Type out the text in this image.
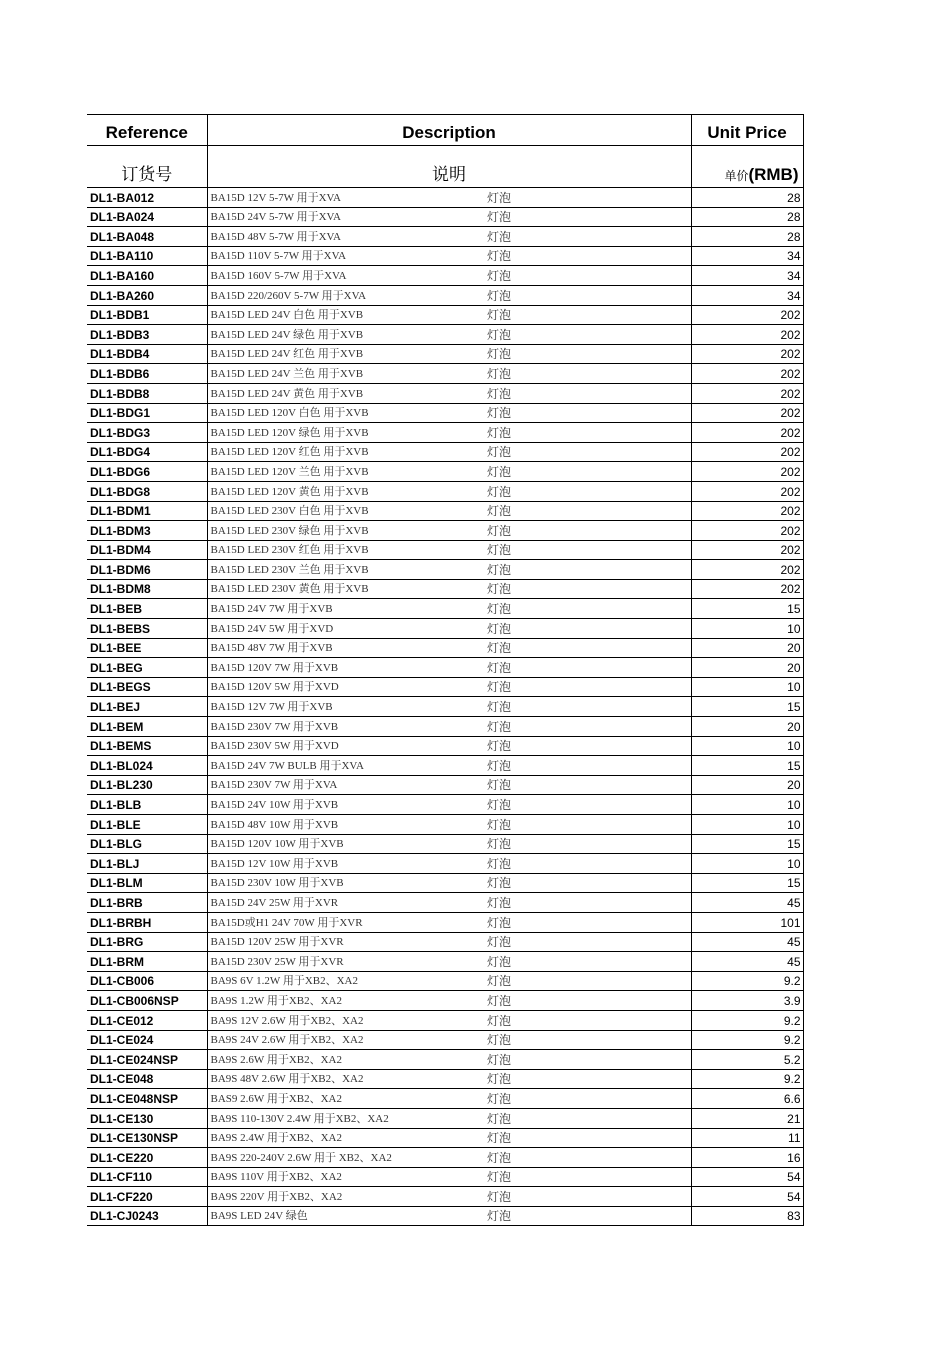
Reference	Description		Unit Price
订货号	说明		单价(RMB)
DL1-BA012	BA15D 12V 5-7W 用于XVA	灯泡	28
DL1-BA024	BA15D 24V 5-7W 用于XVA	灯泡	28
DL1-BA048	BA15D 48V 5-7W 用于XVA	灯泡	28
DL1-BA110	BA15D 110V 5-7W 用于XVA	灯泡	34
DL1-BA160	BA15D 160V 5-7W 用于XVA	灯泡	34
DL1-BA260	BA15D 220/260V 5-7W 用于XVA	灯泡	34
DL1-BDB1	BA15D LED 24V 白色 用于XVB	灯泡	202
DL1-BDB3	BA15D LED 24V 绿色 用于XVB	灯泡	202
DL1-BDB4	BA15D LED 24V 红色 用于XVB	灯泡	202
DL1-BDB6	BA15D LED 24V 兰色 用于XVB	灯泡	202
DL1-BDB8	BA15D LED 24V 黄色 用于XVB	灯泡	202
DL1-BDG1	BA15D LED 120V 白色 用于XVB	灯泡	202
DL1-BDG3	BA15D LED 120V 绿色 用于XVB	灯泡	202
DL1-BDG4	BA15D LED 120V 红色 用于XVB	灯泡	202
DL1-BDG6	BA15D LED 120V 兰色 用于XVB	灯泡	202
DL1-BDG8	BA15D LED 120V 黄色 用于XVB	灯泡	202
DL1-BDM1	BA15D LED 230V 白色 用于XVB	灯泡	202
DL1-BDM3	BA15D LED 230V 绿色 用于XVB	灯泡	202
DL1-BDM4	BA15D LED 230V 红色 用于XVB	灯泡	202
DL1-BDM6	BA15D LED 230V 兰色 用于XVB	灯泡	202
DL1-BDM8	BA15D LED 230V 黄色 用于XVB	灯泡	202
DL1-BEB	BA15D 24V 7W 用于XVB	灯泡	15
DL1-BEBS	BA15D 24V 5W 用于XVD	灯泡	10
DL1-BEE	BA15D 48V 7W 用于XVB	灯泡	20
DL1-BEG	BA15D 120V 7W 用于XVB	灯泡	20
DL1-BEGS	BA15D 120V 5W 用于XVD	灯泡	10
DL1-BEJ	BA15D 12V 7W 用于XVB	灯泡	15
DL1-BEM	BA15D 230V 7W 用于XVB	灯泡	20
DL1-BEMS	BA15D 230V 5W 用于XVD	灯泡	10
DL1-BL024	BA15D 24V 7W BULB 用于XVA	灯泡	15
DL1-BL230	BA15D 230V 7W 用于XVA	灯泡	20
DL1-BLB	BA15D 24V 10W 用于XVB	灯泡	10
DL1-BLE	BA15D 48V 10W 用于XVB	灯泡	10
DL1-BLG	BA15D 120V 10W 用于XVB	灯泡	15
DL1-BLJ	BA15D 12V 10W 用于XVB	灯泡	10
DL1-BLM	BA15D 230V 10W 用于XVB	灯泡	15
DL1-BRB	BA15D 24V 25W 用于XVR	灯泡	45
DL1-BRBH	BA15D或H1 24V 70W 用于XVR	灯泡	101
DL1-BRG	BA15D 120V 25W 用于XVR	灯泡	45
DL1-BRM	BA15D 230V 25W 用于XVR	灯泡	45
DL1-CB006	BA9S 6V 1.2W 用于XB2、XA2	灯泡	9.2
DL1-CB006NSP	BA9S 1.2W 用于XB2、XA2	灯泡	3.9
DL1-CE012	BA9S 12V 2.6W 用于XB2、XA2	灯泡	9.2
DL1-CE024	BA9S 24V 2.6W 用于XB2、XA2	灯泡	9.2
DL1-CE024NSP	BA9S 2.6W 用于XB2、XA2	灯泡	5.2
DL1-CE048	BA9S 48V 2.6W 用于XB2、XA2	灯泡	9.2
DL1-CE048NSP	BAS9 2.6W 用于XB2、XA2	灯泡	6.6
DL1-CE130	BA9S 110-130V 2.4W 用于XB2、XA2	灯泡	21
DL1-CE130NSP	BA9S 2.4W 用于XB2、XA2	灯泡	11
DL1-CE220	BA9S 220-240V 2.6W 用于 XB2、XA2	灯泡	16
DL1-CF110	BA9S 110V 用于XB2、XA2	灯泡	54
DL1-CF220	BA9S 220V 用于XB2、XA2	灯泡	54
DL1-CJ0243	BA9S LED 24V 绿色	灯泡	83
